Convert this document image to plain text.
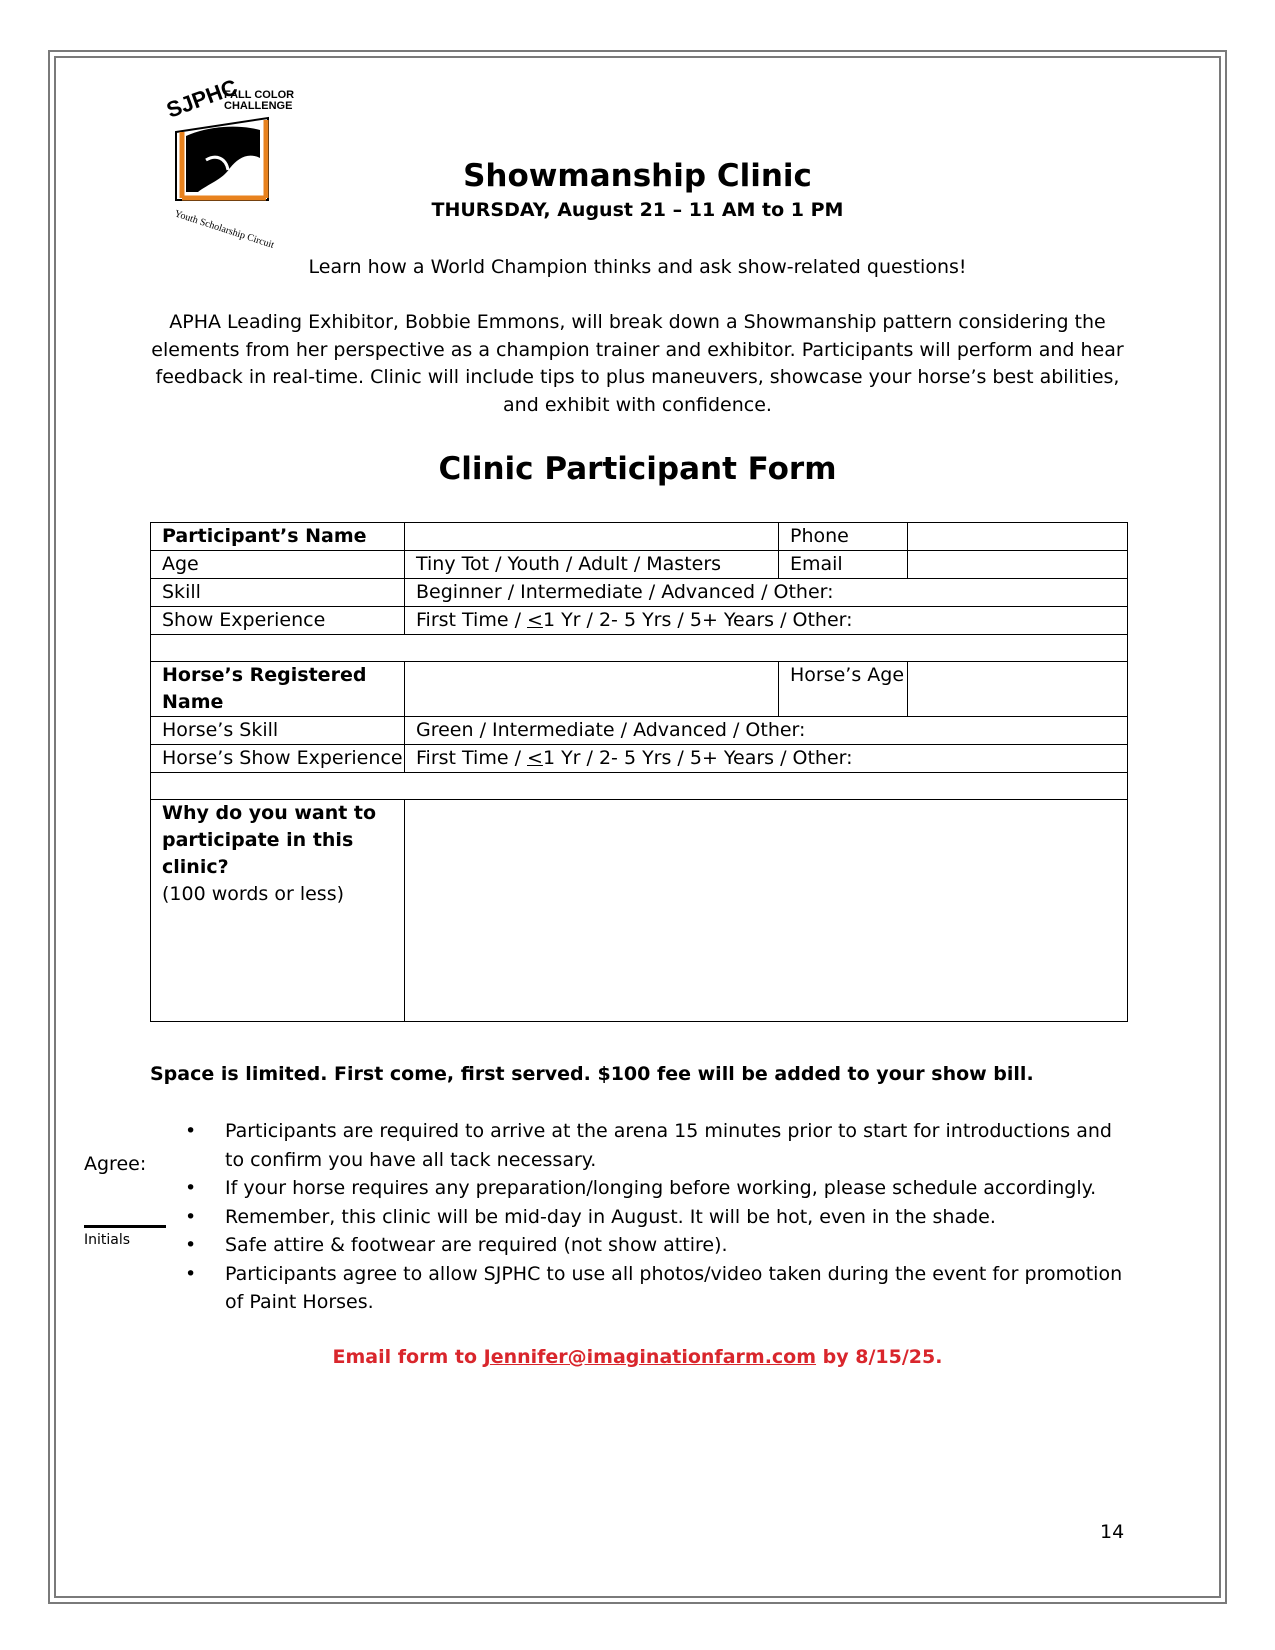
SJPHC
FALL COLOR
CHALLENGE
Youth Scholarship Circuit
Showmanship Clinic
THURSDAY, August 21 – 11 AM to 1 PM
Learn how a World Champion thinks and ask show-related questions!
APHA Leading Exhibitor, Bobbie Emmons, will break down a Showmanship pattern considering the elements from her perspective as a champion trainer and exhibitor. Participants will perform and hear feedback in real-time. Clinic will include tips to plus maneuvers, showcase your horse’s best abilities, and exhibit with confidence.
Clinic Participant Form
Participant’s Name		Phone	
Age	Tiny Tot / Youth / Adult / Masters	Email	
Skill	Beginner / Intermediate / Advanced / Other:		
Show Experience	First Time / <1 Yr / 2- 5 Yrs / 5+ Years / Other:		

Horse’s Registered Name		Horse’s Age	
Horse’s Skill	Green / Intermediate / Advanced / Other:		
Horse’s Show Experience	First Time / <1 Yr / 2- 5 Yrs / 5+ Years / Other:		

Why do you want to participate in this clinic?
(100 words or less)			

Space is limited. First come, first served. $100 fee will be added to your show bill.
Agree:
Initials
• Participants are required to arrive at the arena 15 minutes prior to start for introductions and to confirm you have all tack necessary.
• If your horse requires any preparation/longing before working, please schedule accordingly.
• Remember, this clinic will be mid-day in August. It will be hot, even in the shade.
• Safe attire & footwear are required (not show attire).
• Participants agree to allow SJPHC to use all photos/video taken during the event for promotion of Paint Horses.
Email form to Jennifer@imaginationfarm.com by 8/15/25.
14
